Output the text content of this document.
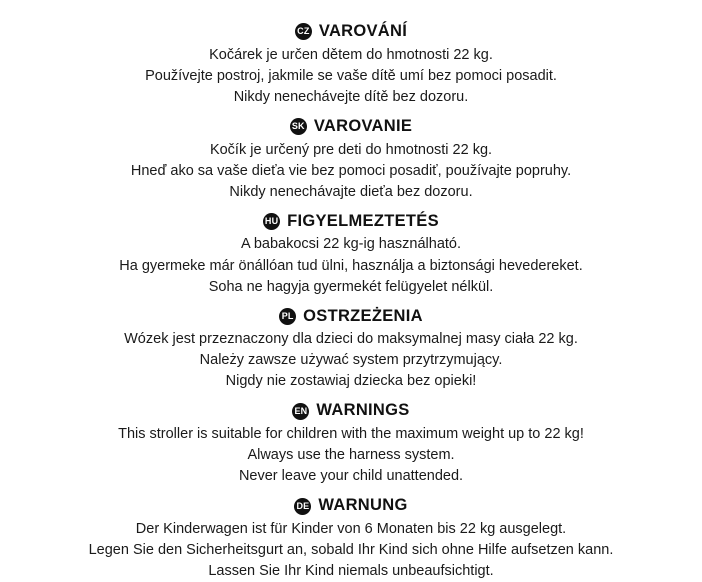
CZ VAROVÁNÍ
Kočárek je určen dětem do hmotnosti 22 kg.
Používejte postroj, jakmile se vaše dítě umí bez pomoci posadit.
Nikdy nenechávejte dítě bez dozoru.
SK VAROVANIE
Kočík je určený pre deti do hmotnosti 22 kg.
Hneď ako sa vaše dieťa vie bez pomoci posadiť, používajte popruhy.
Nikdy nenechávajte dieťa bez dozoru.
HU FIGYELMEZTETÉS
A babakocsi 22 kg-ig használható.
Ha gyermeke már önállóan tud ülni, használja a biztonsági hevedereket.
Soha ne hagyja gyermekét felügyelet nélkül.
PL OSTRZEŻENIA
Wózek jest przeznaczony dla dzieci do maksymalnej masy ciała 22 kg.
Należy zawsze używać system przytrzymujący.
Nigdy nie zostawiaj dziecka bez opieki!
EN WARNINGS
This stroller is suitable for children with the maximum weight up to 22 kg!
Always use the harness system.
Never leave your child unattended.
DE WARNUNG
Der Kinderwagen ist für Kinder von 6 Monaten bis 22 kg ausgelegt.
Legen Sie den Sicherheitsgurt an, sobald Ihr Kind sich ohne Hilfe aufsetzen kann.
Lassen Sie Ihr Kind niemals unbeaufsichtigt.
